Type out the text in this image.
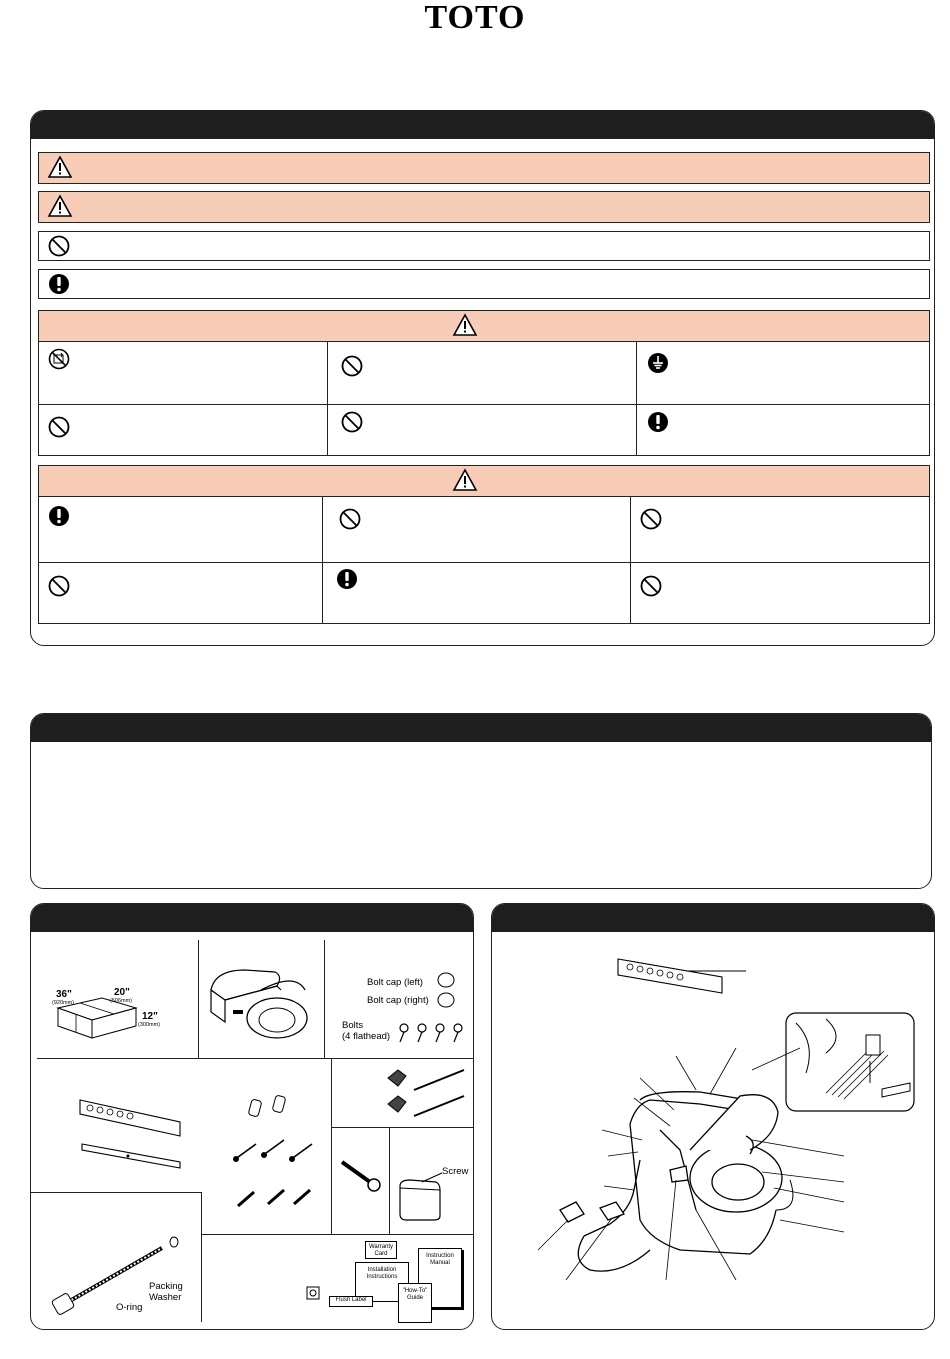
TOTO
36"
(920mm)
20"
(506mm)
12"
(300mm)
Bolt cap (left)
Bolt cap (right)
Bolts
(4 flathead)
Screw
Packing
Washer
O-ring
Warranty Card
Installation Instructions
Instruction Manual
"How-To" Guide
Flush Label
